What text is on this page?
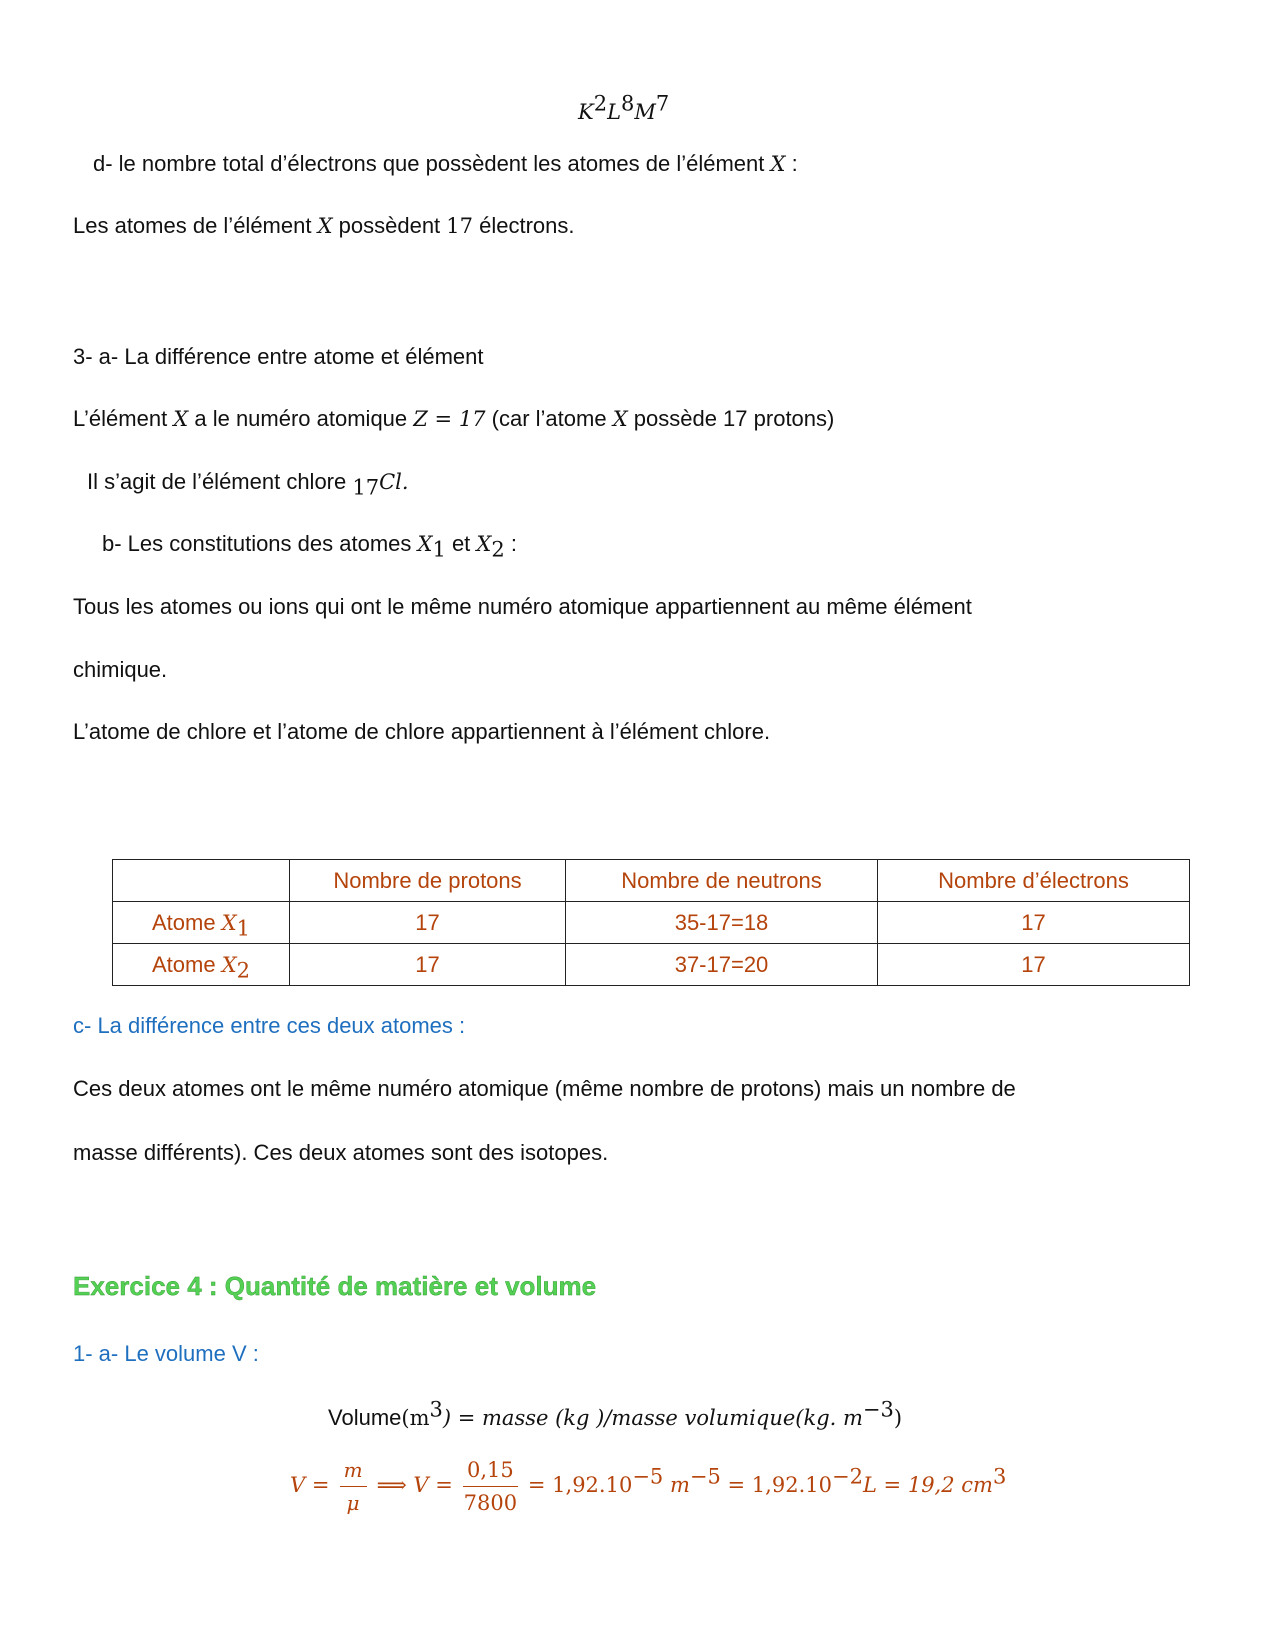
$K^2L^8M^7$
d- le nombre total d’électrons que possèdent les atomes de l’élément X :
Les atomes de l’élément X possèdent 17 électrons.
3- a- La différence entre atome et élément
L’élément X a le numéro atomique Z = 17 (car l’atome X possède 17 protons)
Il s’agit de l’élément chlore $_{17}$Cl.
b- Les constitutions des atomes $X_1$ et $X_2$ :
Tous les atomes ou ions qui ont le même numéro atomique appartiennent au même élément
chimique.
L’atome de chlore et l’atome de chlore appartiennent à l’élément chlore.
	Nombre de protons	Nombre de neutrons	Nombre d’électrons
Atome $X_1$	17	35-17=18	17
Atome $X_2$	17	37-17=20	17
c- La différence entre ces deux atomes :
Ces deux atomes ont le même numéro atomique (même nombre de protons) mais un nombre de
masse différents). Ces deux atomes sont des isotopes.
Exercice 4 : Quantité de matière et volume
1- a- Le volume V :
$Volume(m^3)$ = masse (kg )/masse volumique(kg. $m^{-3}$)
$V = \frac{m}{\mu}$ ⟹ $V = \frac{0,15}{7800} = 1,92.10^{-5}$ $m^{-5} = 1,92.10^{-2}L = 19,2$ $cm^3$
